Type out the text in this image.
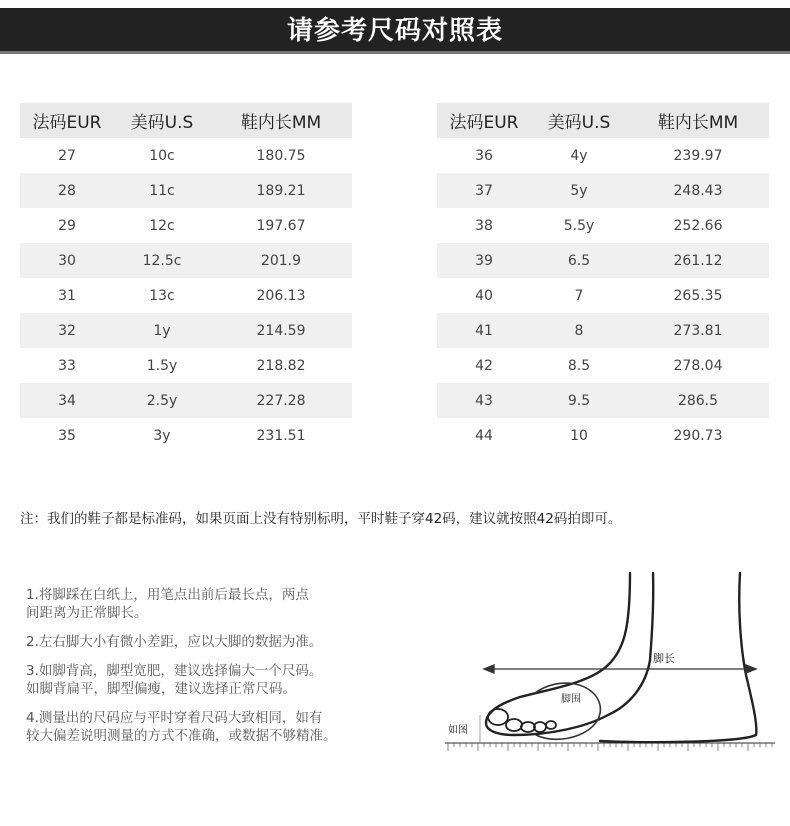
请参考尺码对照表
法码EUR	美码U.S	鞋内长MM
27	10c	180.75
28	11c	189.21
29	12c	197.67
30	12.5c	201.9
31	13c	206.13
32	1y	214.59
33	1.5y	218.82
34	2.5y	227.28
35	3y	231.51
法码EUR	美码U.S	鞋内长MM
36	4y	239.97
37	5y	248.43
38	5.5y	252.66
39	6.5	261.12
40	7	265.35
41	8	273.81
42	8.5	278.04
43	9.5	286.5
44	10	290.73
注：我们的鞋子都是标准码，如果页面上没有特别标明，平时鞋子穿42码，建议就按照42码拍即可。

1.将脚踩在白纸上，用笔点出前后最长点，两点
间距离为正常脚长。

2.左右脚大小有微小差距，应以大脚的数据为准。

3.如脚背高，脚型宽肥，建议选择偏大一个尺码。
如脚背扁平，脚型偏瘦，建议选择正常尺码。

4.测量出的尺码应与平时穿着尺码大致相同，如有
较大偏差说明测量的方式不准确，或数据不够精准。

脚长
脚围
如图
